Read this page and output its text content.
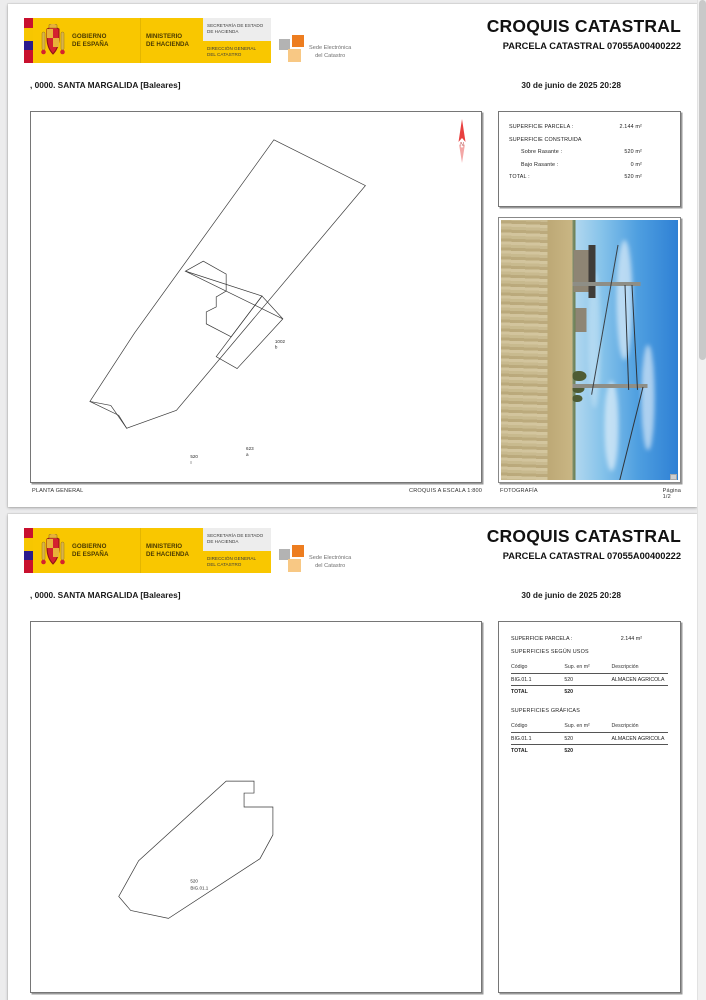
GOBIERNO
DE ESPAÑA
MINISTERIO
DE HACIENDA
SECRETARÍA DE ESTADO
DE HACIENDA
DIRECCIÓN GENERAL
DEL CATASTRO
Sede Electrónica
del Catastro
CROQUIS CATASTRAL
PARCELA CATASTRAL 07055A00400222
, 0000. SANTA MARGALIDA [Baleares]	30 de junio de 2025 20:28
1002
b
623
a
520
I
N
SUPERFICIE PARCELA :	2.144 m²
SUPERFICIE CONSTRUIDA
Sobre Rasante :	520 m²
Bajo Rasante :	0 m²
TOTAL :	520 m²
PLANTA GENERAL	CROQUIS A ESCALA 1:800	FOTOGRAFÍA	Página 1/2
GOBIERNO
DE ESPAÑA
MINISTERIO
DE HACIENDA
SECRETARÍA DE ESTADO
DE HACIENDA
DIRECCIÓN GENERAL
DEL CATASTRO
Sede Electrónica
del Catastro
CROQUIS CATASTRAL
PARCELA CATASTRAL 07055A00400222
, 0000. SANTA MARGALIDA [Baleares]	30 de junio de 2025 20:28
520
BIG.01.1
SUPERFICIE PARCELA :	2.144 m²
SUPERFICIES SEGÚN USOS
Código	Sup. en m²	Descripción
BIG.01.1	520	ALMACEN AGRICOLA
TOTAL	520	
SUPERFICIES GRÁFICAS
Código	Sup. en m²	Descripción
BIG.01.1	520	ALMACEN AGRICOLA
TOTAL	520	
